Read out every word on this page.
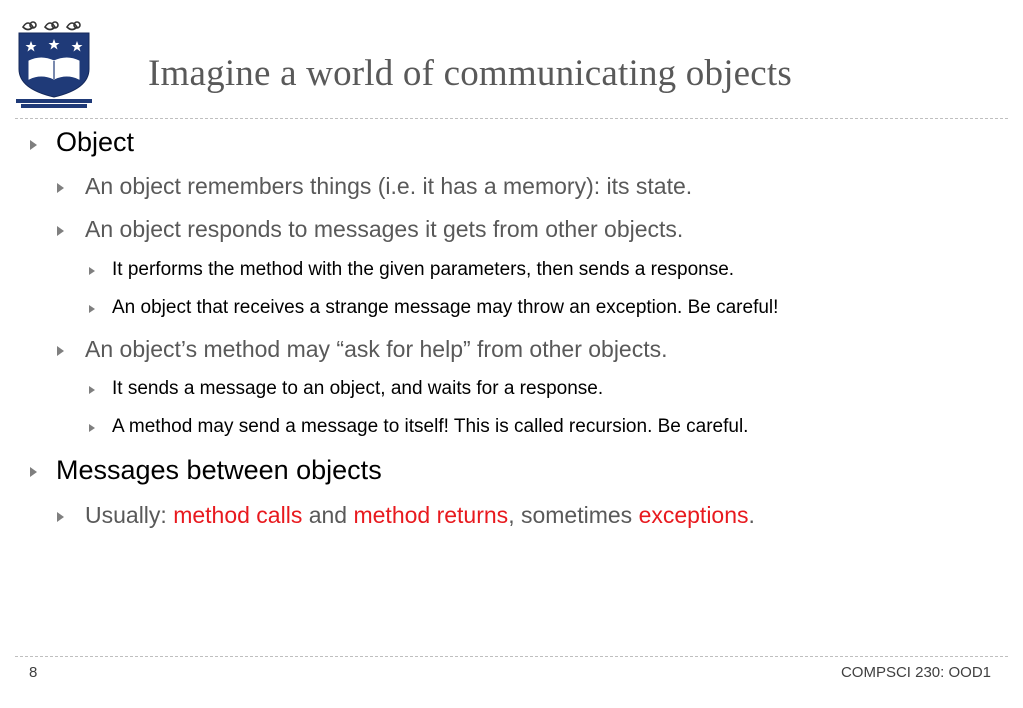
Imagine a world of communicating objects
Object
An object remembers things (i.e. it has a memory): its state.
An object responds to messages it gets from other objects.
It performs the method with the given parameters, then sends a response.
An object that receives a strange message may throw an exception. Be careful!
An object’s method may “ask for help” from other objects.
It sends a message to an object, and waits for a response.
A method may send a message to itself! This is called recursion. Be careful.
Messages between objects
Usually: method calls and method returns, sometimes exceptions.
8	COMPSCI 230: OOD1
